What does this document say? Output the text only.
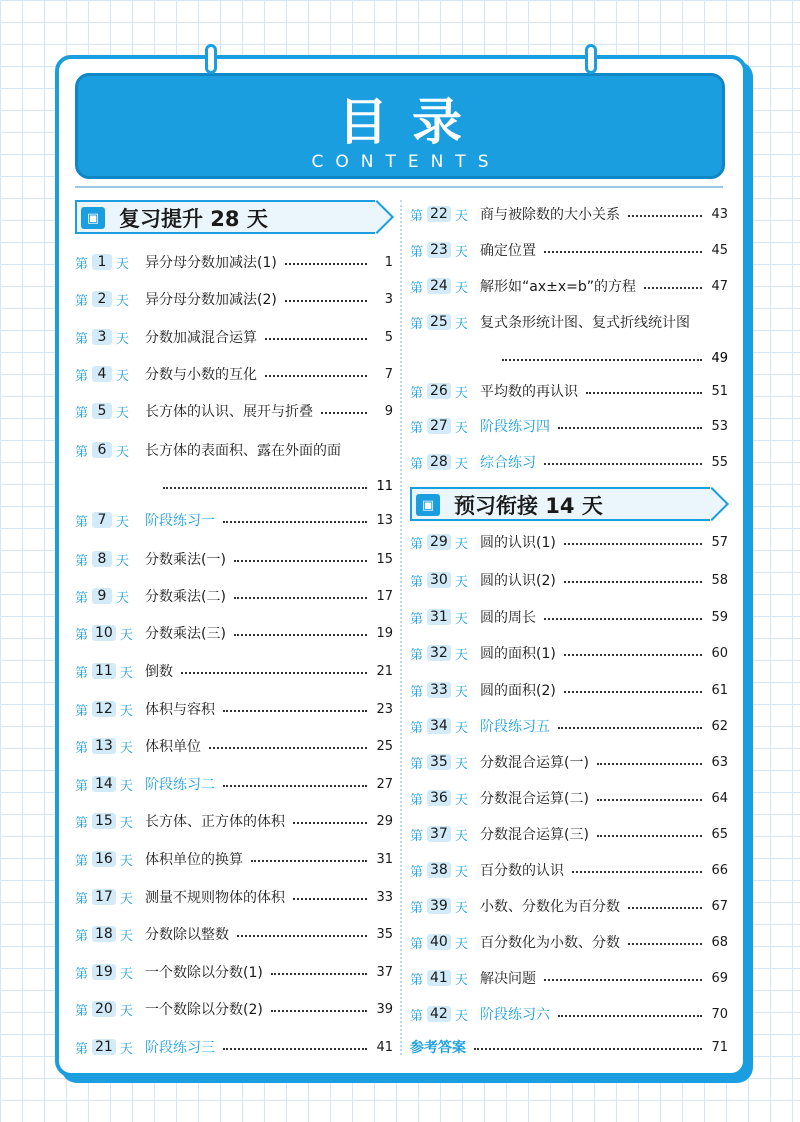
目录
CONTENTS
▣ 复习提升 28 天
第 1 天 异分母分数加减法(1)	1
第 2 天 异分母分数加减法(2)	3
第 3 天 分数加减混合运算	5
第 4 天 分数与小数的互化	7
第 5 天 长方体的认识、展开与折叠	9
第 6 天 长方体的表面积、露在外面的面
11
第 7 天 阶段练习一	13
第 8 天 分数乘法(一)	15
第 9 天 分数乘法(二)	17
第 10 天 分数乘法(三)	19
第 11 天 倒数	21
第 12 天 体积与容积	23
第 13 天 体积单位	25
第 14 天 阶段练习二	27
第 15 天 长方体、正方体的体积	29
第 16 天 体积单位的换算	31
第 17 天 测量不规则物体的体积	33
第 18 天 分数除以整数	35
第 19 天 一个数除以分数(1)	37
第 20 天 一个数除以分数(2)	39
第 21 天 阶段练习三	41
第 22 天 商与被除数的大小关系	43
第 23 天 确定位置	45
第 24 天 解形如“ax±x=b”的方程	47
第 25 天 复式条形统计图、复式折线统计图
49
第 26 天 平均数的再认识	51
第 27 天 阶段练习四	53
第 28 天 综合练习	55
▣ 预习衔接 14 天
第 29 天 圆的认识(1)	57
第 30 天 圆的认识(2)	58
第 31 天 圆的周长	59
第 32 天 圆的面积(1)	60
第 33 天 圆的面积(2)	61
第 34 天 阶段练习五	62
第 35 天 分数混合运算(一)	63
第 36 天 分数混合运算(二)	64
第 37 天 分数混合运算(三)	65
第 38 天 百分数的认识	66
第 39 天 小数、分数化为百分数	67
第 40 天 百分数化为小数、分数	68
第 41 天 解决问题	69
第 42 天 阶段练习六	70
参考答案	71
